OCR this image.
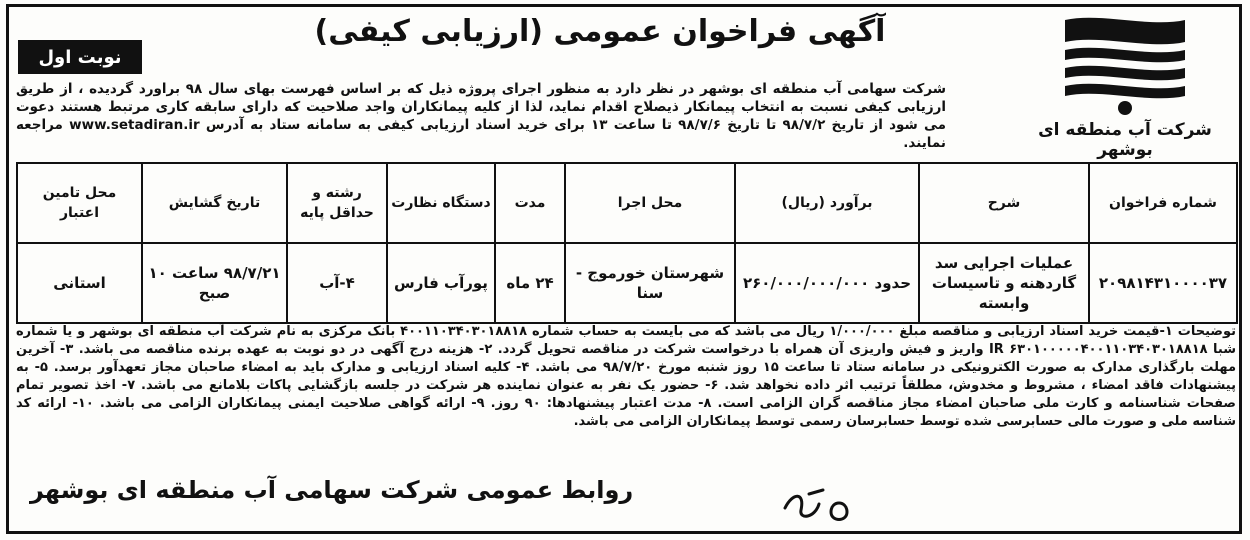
شرکت آب منطقه ای بوشهر
آگهی فراخوان عمومی (ارزیابی کیفی)
نوبت اول
شرکت سهامی آب منطقه ای بوشهر در نظر دارد به منظور اجرای پروژه ذیل که بر اساس فهرست بهای سال ۹۸ براورد گردیده ، از طریق ارزیابی کیفی نسبت به انتخاب پیمانکار ذیصلاح اقدام نماید، لذا از کلیه پیمانکاران واجد صلاحیت که دارای سابقه کاری مرتبط هستند دعوت می شود از تاریخ ۹۸/۷/۲ تا تاریخ ۹۸/۷/۶ تا ساعت ۱۳ برای خرید اسناد ارزیابی کیفی به سامانه ستاد به آدرس www.setadiran.ir مراجعه نمایند.
شماره فراخوان	شرح	برآورد (ریال)	محل اجرا	مدت	دستگاه نظارت	رشته و حداقل پایه	تاریخ گشایش	محل تامین اعتبار
۲۰۹۸۱۴۳۱۰۰۰۰۳۷	عملیات اجرایی سد گاردهنه و تاسیسات وابسته	حدود ۲۶۰/۰۰۰/۰۰۰/۰۰۰	شهرستان خورموج - سنا	۲۴ ماه	پورآب فارس	۴-آب	۹۸/۷/۲۱ ساعت ۱۰ صبح	استانی
توضیحات ۱-قیمت خرید اسناد ارزیابی و مناقصه مبلغ ۱/۰۰۰/۰۰۰ ریال می باشد که می بایست به حساب شماره ۴۰۰۱۱۰۳۴۰۳۰۱۸۸۱۸ بانک مرکزی به نام شرکت آب منطقه ای بوشهر و یا شماره شبا IR ۶۳۰۱۰۰۰۰۰۴۰۰۱۱۰۳۴۰۳۰۱۸۸۱۸ واریز و فیش واریزی آن همراه با درخواست شرکت در مناقصه تحویل گردد. ۲- هزینه درج آگهی در دو نوبت به عهده برنده مناقصه می باشد. ۳- آخرین مهلت بارگذاری مدارک به صورت الکترونیکی در سامانه ستاد تا ساعت ۱۵ روز شنبه مورخ ۹۸/۷/۲۰ می باشد. ۴- کلیه اسناد ارزیابی و مدارک باید به امضاء صاحبان مجاز تعهدآور برسد. ۵- به پیشنهادات فاقد امضاء ، مشروط و مخدوش، مطلقاً ترتیب اثر داده نخواهد شد. ۶- حضور یک نفر به عنوان نماینده هر شرکت در جلسه بازگشایی پاکات بلامانع می باشد. ۷- اخذ تصویر تمام صفحات شناسنامه و کارت ملی صاحبان امضاء مجاز مناقصه گران الزامی است. ۸- مدت اعتبار پیشنهادها: ۹۰ روز. ۹- ارائه گواهی صلاحیت ایمنی پیمانکاران الزامی می باشد. ۱۰- ارائه کد شناسه ملی و صورت مالی حسابرسی شده توسط حسابرسان رسمی توسط پیمانکاران الزامی می باشد.
روابط عمومی شرکت سهامی آب منطقه ای بوشهر
